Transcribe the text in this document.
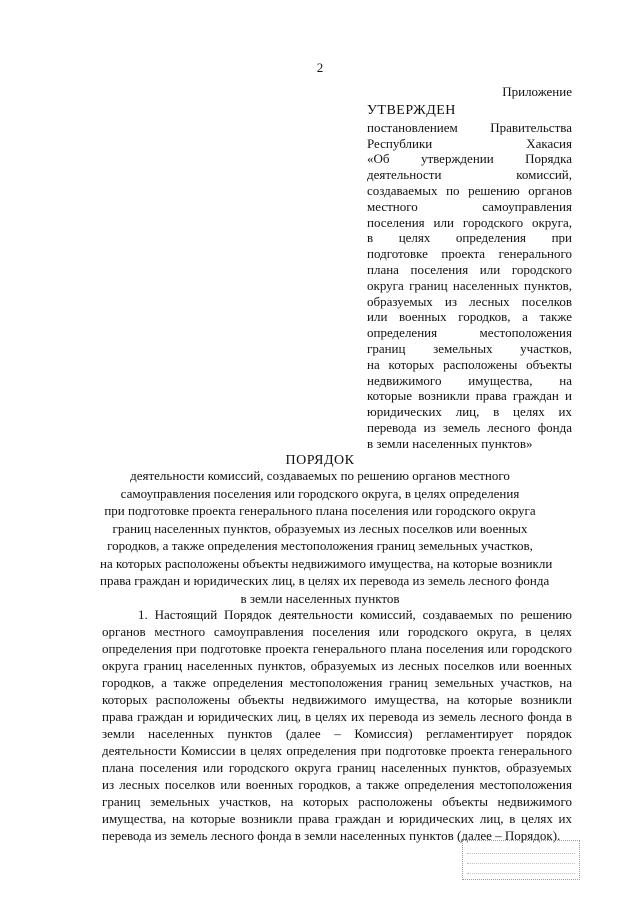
2

Приложение

УТВЕРЖДЕН

постановлением Правительства
Республики Хакасия
«Об утверждении Порядка
деятельности комиссий,
создаваемых по решению органов
местного самоуправления
поселения или городского округа,
в целях определения при
подготовке проекта генерального
плана поселения или городского
округа границ населенных пунктов,
образуемых из лесных поселков
или военных городков, а также
определения местоположения
границ земельных участков,
на которых расположены объекты
недвижимого имущества, на
которые возникли права граждан и
юридических лиц, в целях их
перевода из земель лесного фонда
в земли населенных пунктов»

ПОРЯДОК

деятельности комиссий, создаваемых по решению органов местного
самоуправления поселения или городского округа, в целях определения
при подготовке проекта генерального плана поселения или городского округа
границ населенных пунктов, образуемых из лесных поселков или военных
городков, а также определения местоположения границ земельных участков,
на которых расположены объекты недвижимого имущества, на которые возникли
права граждан и юридических лиц, в целях их перевода из земель лесного фонда
в земли населенных пунктов
1. Настоящий Порядок деятельности комиссий, создаваемых по решению
органов местного самоуправления поселения или городского округа, в целях
определения при подготовке проекта генерального плана поселения или городского
округа границ населенных пунктов, образуемых из лесных поселков или военных
городков, а также определения местоположения границ земельных участков, на
которых расположены объекты недвижимого имущества, на которые возникли
права граждан и юридических лиц, в целях их перевода из земель лесного фонда в
земли населенных пунктов (далее – Комиссия) регламентирует порядок
деятельности Комиссии в целях определения при подготовке проекта генерального
плана поселения или городского округа границ населенных пунктов, образуемых
из лесных поселков или военных городков, а также определения местоположения
границ земельных участков, на которых расположены объекты недвижимого
имущества, на которые возникли права граждан и юридических лиц, в целях их
перевода из земель лесного фонда в земли населенных пунктов (далее – Порядок).
